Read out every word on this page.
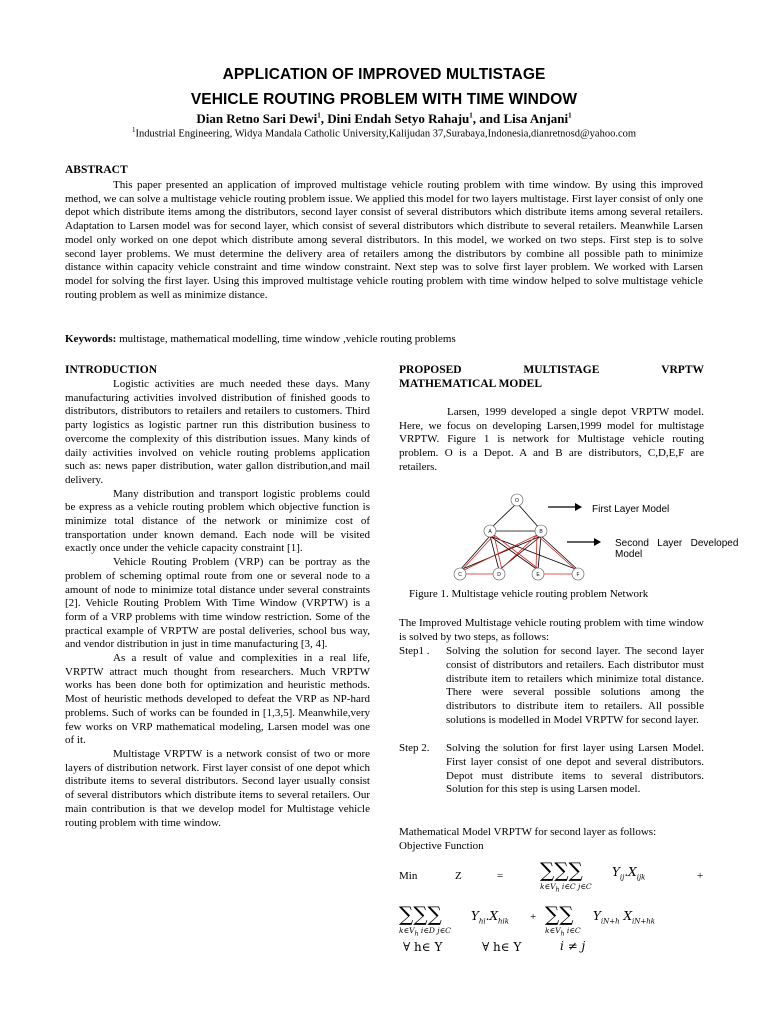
APPLICATION OF IMPROVED MULTISTAGE
VEHICLE ROUTING PROBLEM WITH TIME WINDOW
Dian Retno Sari Dewi$^1$, Dini Endah Setyo Rahaju$^1$, and Lisa Anjani$^1$
$^1$Industrial Engineering, Widya Mandala Catholic University,Kalijudan 37,Surabaya,Indonesia,dianretnosd@yahoo.com
ABSTRACT
This paper presented an application of improved multistage vehicle routing problem with time window. By using this improved method, we can solve a multistage vehicle routing problem issue. We applied this model for two layers multistage. First layer consist of only one depot which distribute items among the distributors, second layer consist of several distributors which distribute items among several retailers. Adaptation to Larsen model was for second layer, which consist of several distributors which distribute to several retailers. Meanwhile Larsen model only worked on one depot which distribute among several distributors. In this model, we worked on two steps. First step is to solve second layer problems. We must determine the delivery area of retailers among the distributors by combine all possible path to minimize distance within capacity vehicle constraint and time window constraint. Next step was to solve first layer problem. We worked with Larsen model for solving the first layer. Using this improved multistage vehicle routing problem with time window helped to solve multistage vehicle routing problem as well as minimize distance.
Keywords: multistage, mathematical modelling, time window ,vehicle routing problems
INTRODUCTION

Logistic activities are much needed these days. Many manufacturing activities involved distribution of finished goods to distributors, distributors to retailers and retailers to customers. Third party logistics as logistic partner run this distribution business to overcome the complexity of this distribution issues. Many kinds of daily activities involved on vehicle routing problems application such as: news paper distribution, water gallon distribution,and mail delivery.

Many distribution and transport logistic problems could be express as a vehicle routing problem which objective function is minimize total distance of the network or minimize cost of transportation under known demand. Each node will be visited exactly once under the vehicle capacity constraint [1].

Vehicle Routing Problem (VRP) can be portray as the problem of scheming optimal route from one or several node to a amount of node to minimize total distance under several constraints [2]. Vehicle Routing Problem With Time Window (VRPTW) is a form of a VRP problems with time window restriction. Some of the practical example of VRPTW are postal deliveries, school bus way, and vendor distribution in just in time manufacturing [3, 4].

As a result of value and complexities in a real life, VRPTW attract much thought from researchers. Much VRPTW works has been done both for optimization and heuristic methods. Most of heuristic methods developed to defeat the VRP as NP-hard problems. Such of works can be founded in [1,3,5]. Meanwhile,very few works on VRP mathematical modeling, Larsen model was one of it.

Multistage VRPTW is a network consist of two or more layers of distribution network. First layer consist of one depot which distribute items to several distributors. Second layer usually consist of several distributors which distribute items to several retailers. Our main contribution is that we develop model for Multistage vehicle routing problem with time window.

PROPOSED	MULTISTAGE	VRPTW
MATHEMATICAL MODEL
Larsen, 1999 developed a single depot VRPTW model. Here, we focus on developing Larsen,1999 model for multistage VRPTW. Figure 1 is network for Multistage vehicle routing problem. O is a Depot. A and B are distributors, C,D,E,F are retailers.
O
A	B
C	D	E	F
First Layer Model
Second   Layer   Developed
Model
Figure 1. Multistage vehicle routing problem Network
The Improved Multistage vehicle routing problem with time window is solved by two steps, as follows:
Step1 .	Solving the solution for second layer. The second layer consist of distributors and retailers. Each distributor must distribute item to retailers which minimize total distance. There were several possible solutions among the distributors to distribute item to retailers. All possible solutions is modelled in Model VRPTW for second layer.
Step 2.	Solving the solution for first layer using Larsen Model. First layer consist of one depot and several distributors. Depot must distribute items to several distributors. Solution for this step is using Larsen model.
Mathematical Model VRPTW for second layer as follows:
Objective Function
Min	Z	= ∑∑∑
$k\in V_h$ i∈C j∈C
$Y_{ij}.X_{ijk}$	+
∑∑∑
$k\in V_h$ i∈D j∈C
$Y_{hi}.X_{hik}$ + ∑∑
$k\in V_h$ i∈C
$Y_{iN+h}$ $X_{iN+hk}$
∀ h∈ Y	∀ h∈ Y	i ≠ j
